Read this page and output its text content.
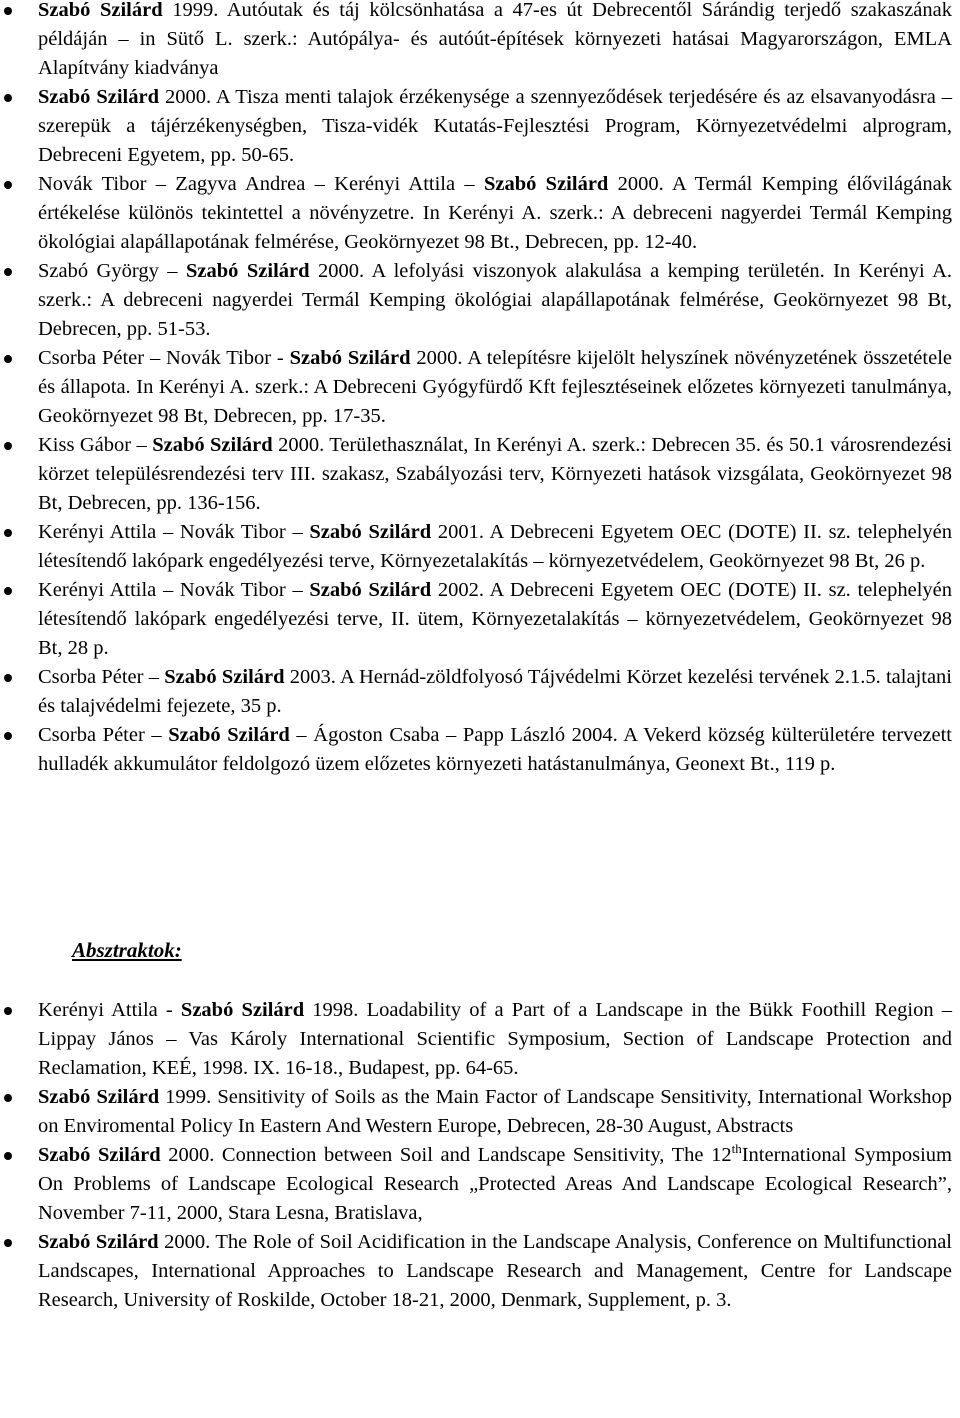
Szabó Szilárd 1999. Autóutak és táj kölcsönhatása a 47-es út Debrecentől Sárándig terjedő szakaszának példáján – in Sütő L. szerk.: Autópálya- és autóút-építések környezeti hatásai Magyarországon, EMLA Alapítvány kiadványa
Szabó Szilárd 2000. A Tisza menti talajok érzékenysége a szennyeződések terjedésére és az elsavanyodásra – szerepük a tájérzékenységben, Tisza-vidék Kutatás-Fejlesztési Program, Környezetvédelmi alprogram, Debreceni Egyetem, pp. 50-65.
Novák Tibor – Zagyva Andrea – Kerényi Attila – Szabó Szilárd 2000. A Termál Kemping élővilágának értékelése különös tekintettel a növényzetre. In Kerényi A. szerk.: A debreceni nagyerdei Termál Kemping ökológiai alapállapotának felmérése, Geokörnyezet 98 Bt., Debrecen, pp. 12-40.
Szabó György – Szabó Szilárd 2000. A lefolyási viszonyok alakulása a kemping területén. In Kerényi A. szerk.: A debreceni nagyerdei Termál Kemping ökológiai alapállapotának felmérése, Geokörnyezet 98 Bt, Debrecen, pp. 51-53.
Csorba Péter – Novák Tibor - Szabó Szilárd 2000. A telepítésre kijelölt helyszínek növényzetének összetétele és állapota. In Kerényi A. szerk.: A Debreceni Gyógyfürdő Kft fejlesztéseinek előzetes környezeti tanulmánya, Geokörnyezet 98 Bt, Debrecen, pp. 17-35.
Kiss Gábor – Szabó Szilárd 2000. Területhasználat, In Kerényi A. szerk.: Debrecen 35. és 50.1 városrendezési körzet településrendezési terv III. szakasz, Szabályozási terv, Környezeti hatások vizsgálata, Geokörnyezet 98 Bt, Debrecen, pp. 136-156.
Kerényi Attila – Novák Tibor – Szabó Szilárd 2001. A Debreceni Egyetem OEC (DOTE) II. sz. telephelyén létesítendő lakópark engedélyezési terve, Környezetalakítás – környezetvédelem, Geokörnyezet 98 Bt, 26 p.
Kerényi Attila – Novák Tibor – Szabó Szilárd 2002. A Debreceni Egyetem OEC (DOTE) II. sz. telephelyén létesítendő lakópark engedélyezési terve, II. ütem, Környezetalakítás – környezetvédelem, Geokörnyezet 98 Bt, 28 p.
Csorba Péter – Szabó Szilárd 2003. A Hernád-zöldfolyosó Tájvédelmi Körzet kezelési tervének 2.1.5. talajtani és talajvédelmi fejezete, 35 p.
Csorba Péter – Szabó Szilárd – Ágoston Csaba – Papp László 2004. A Vekerd község külterületére tervezett hulladék akkumulátor feldolgozó üzem előzetes környezeti hatástanulmánya, Geonext Bt., 119 p.
Absztraktok:
Kerényi Attila - Szabó Szilárd 1998. Loadability of a Part of a Landscape in the Bükk Foothill Region – Lippay János – Vas Károly International Scientific Symposium, Section of Landscape Protection and Reclamation, KEÉ, 1998. IX. 16-18., Budapest, pp. 64-65.
Szabó Szilárd 1999. Sensitivity of Soils as the Main Factor of Landscape Sensitivity, International Workshop on Enviromental Policy In Eastern And Western Europe, Debrecen, 28-30 August, Abstracts
Szabó Szilárd 2000. Connection between Soil and Landscape Sensitivity, The 12thInternational Symposium On Problems of Landscape Ecological Research „Protected Areas And Landscape Ecological Research”, November 7-11, 2000, Stara Lesna, Bratislava,
Szabó Szilárd 2000. The Role of Soil Acidification in the Landscape Analysis, Conference on Multifunctional Landscapes, International Approaches to Landscape Research and Management, Centre for Landscape Research, University of Roskilde, October 18-21, 2000, Denmark, Supplement, p. 3.
